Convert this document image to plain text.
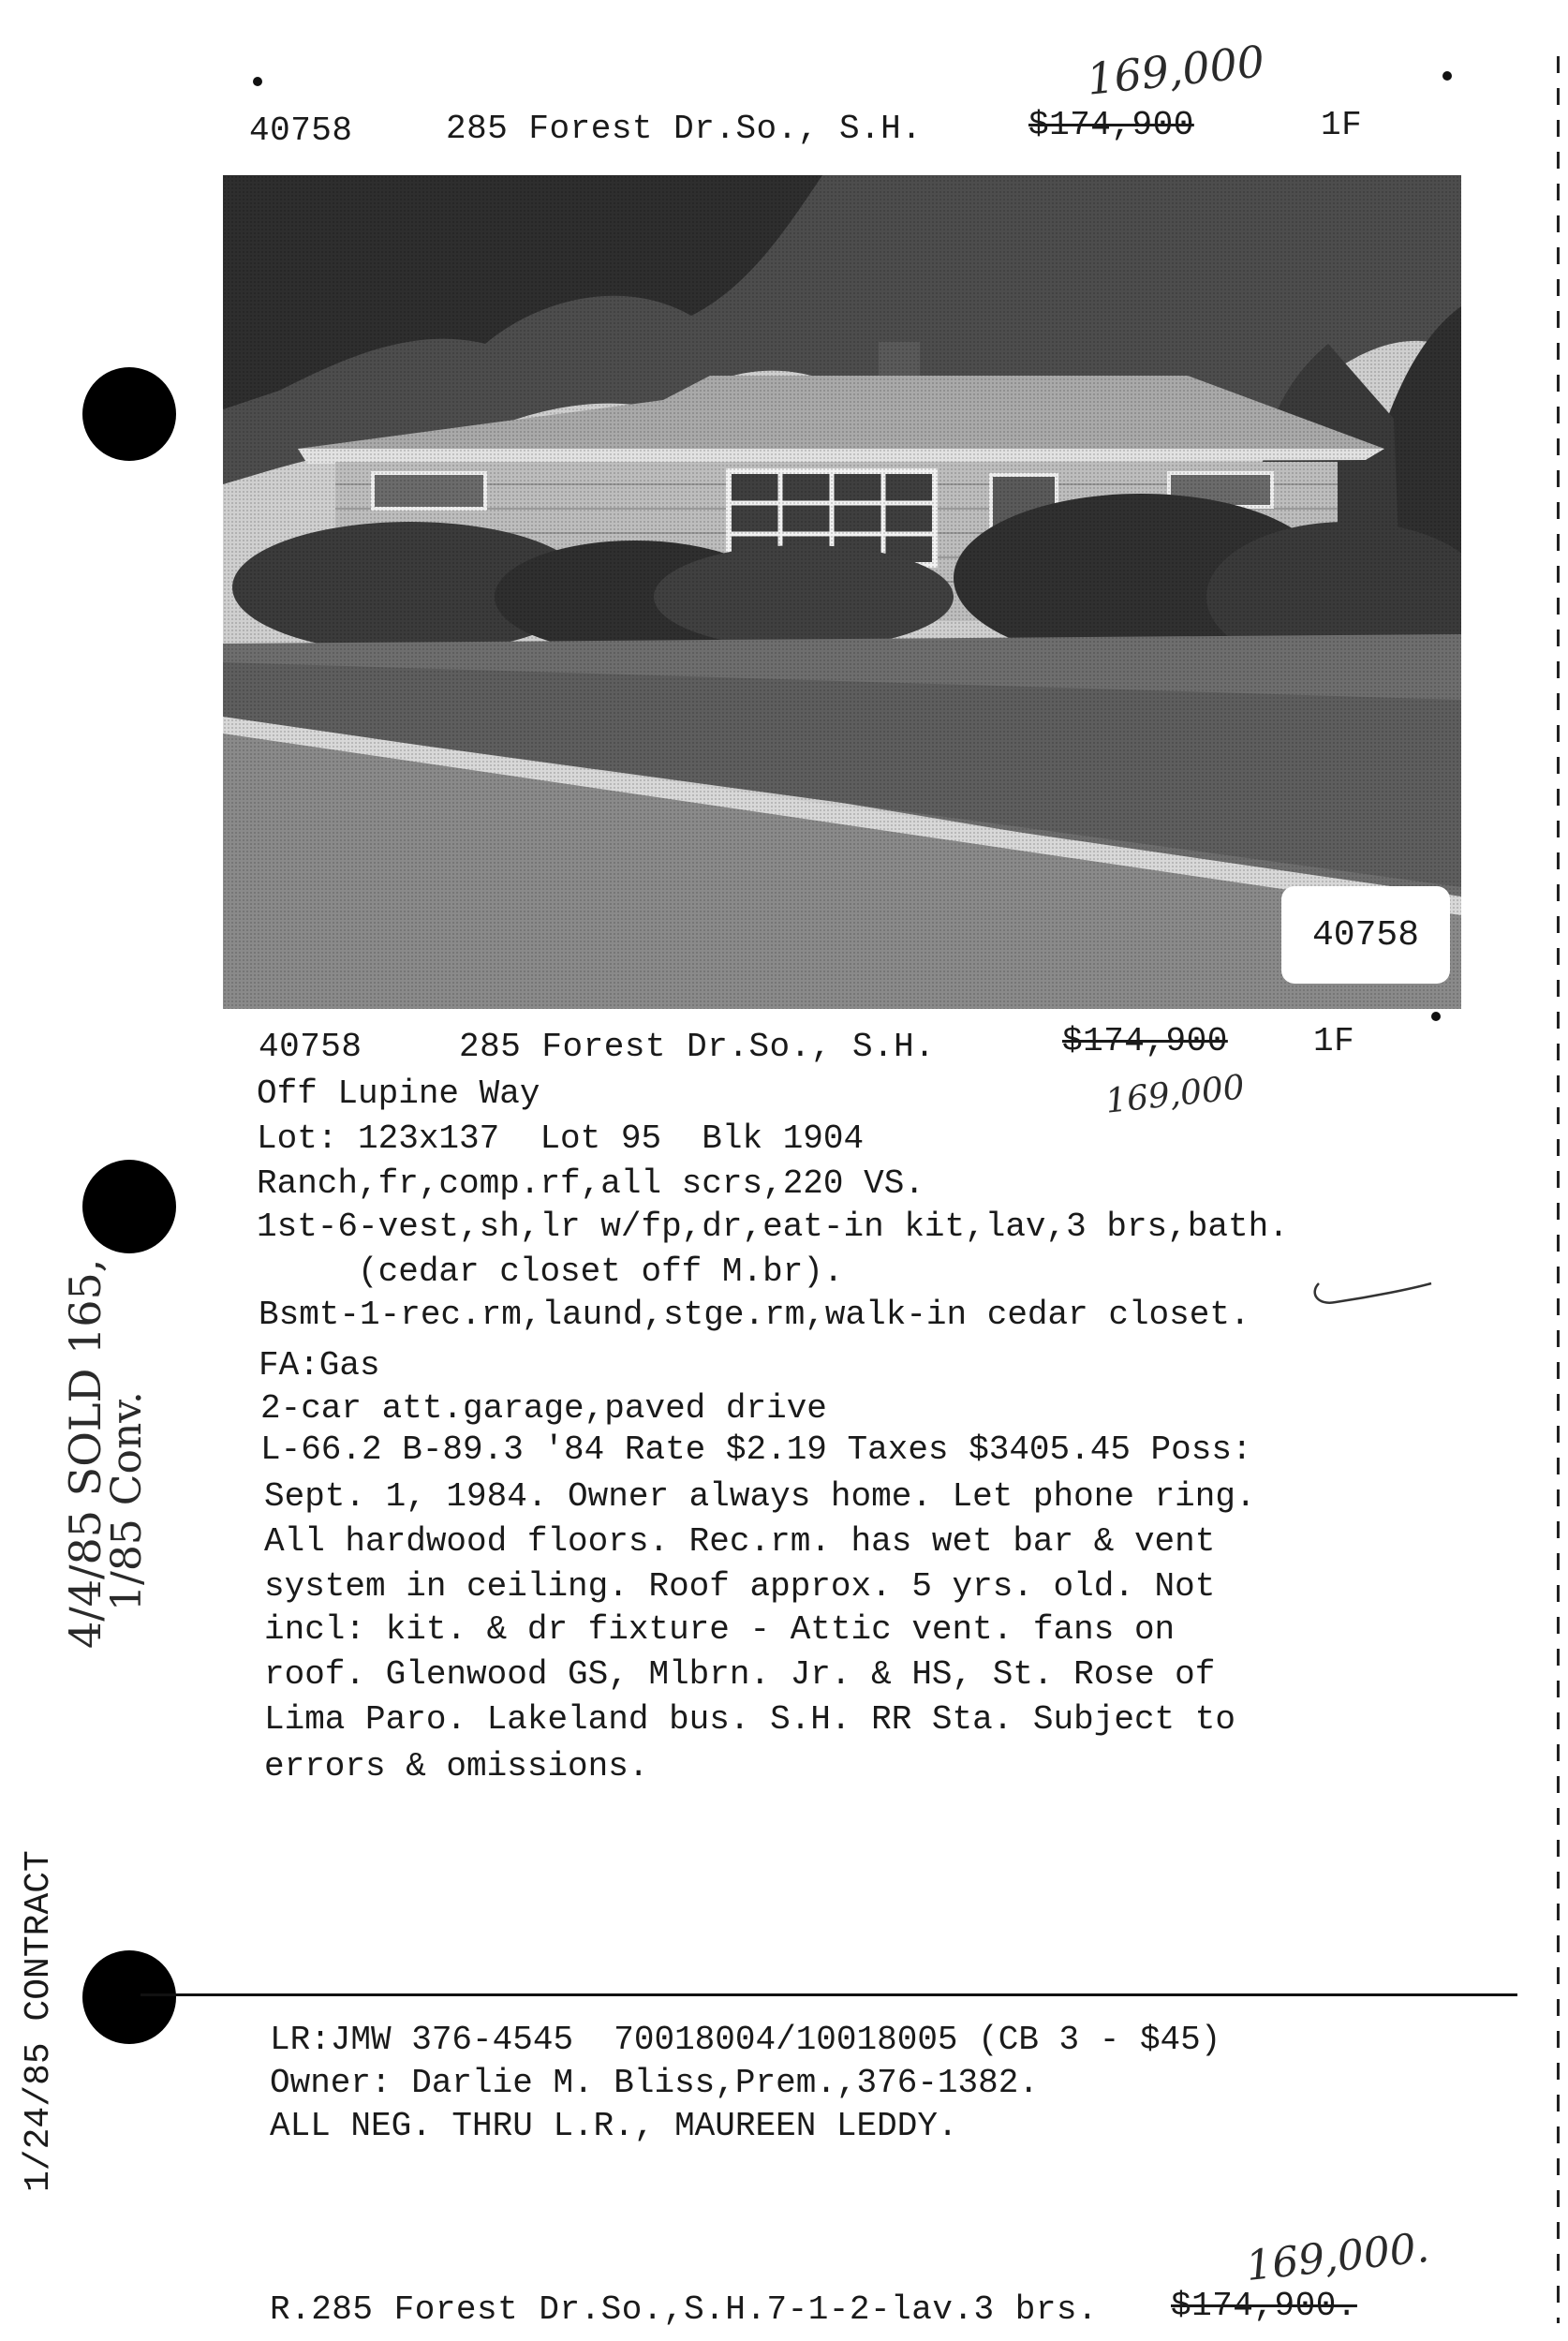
40758	285 Forest Dr.So., S.H.	$174,900	1F
169,000
40758
40758	285 Forest Dr.So., S.H.	$174,900	1F
169,000
Off Lupine Way
Lot: 123x137  Lot 95  Blk 1904
Ranch,fr,comp.rf,all scrs,220 VS.
1st-6-vest,sh,lr w/fp,dr,eat-in kit,lav,3 brs,bath.
(cedar closet off M.br).
Bsmt-1-rec.rm,laund,stge.rm,walk-in cedar closet.
FA:Gas
2-car att.garage,paved drive
L-66.2 B-89.3 '84 Rate $2.19 Taxes $3405.45 Poss:
Sept. 1, 1984. Owner always home. Let phone ring.
All hardwood floors. Rec.rm. has wet bar & vent
system in ceiling. Roof approx. 5 yrs. old. Not
incl: kit. & dr fixture - Attic vent. fans on
roof. Glenwood GS, Mlbrn. Jr. & HS, St. Rose of
Lima Paro. Lakeland bus. S.H. RR Sta. Subject to
errors & omissions.
LR:JMW 376-4545  70018004/10018005 (CB 3 - $45)
Owner: Darlie M. Bliss,Prem.,376-1382.
ALL NEG. THRU L.R., MAUREEN LEDDY.
R.285 Forest Dr.So.,S.H.7-1-2-lav.3 brs. $174,900.
169,000.
4/4/85 SOLD 165,
1/85 Conv.
1/24/85 CONTRACT
